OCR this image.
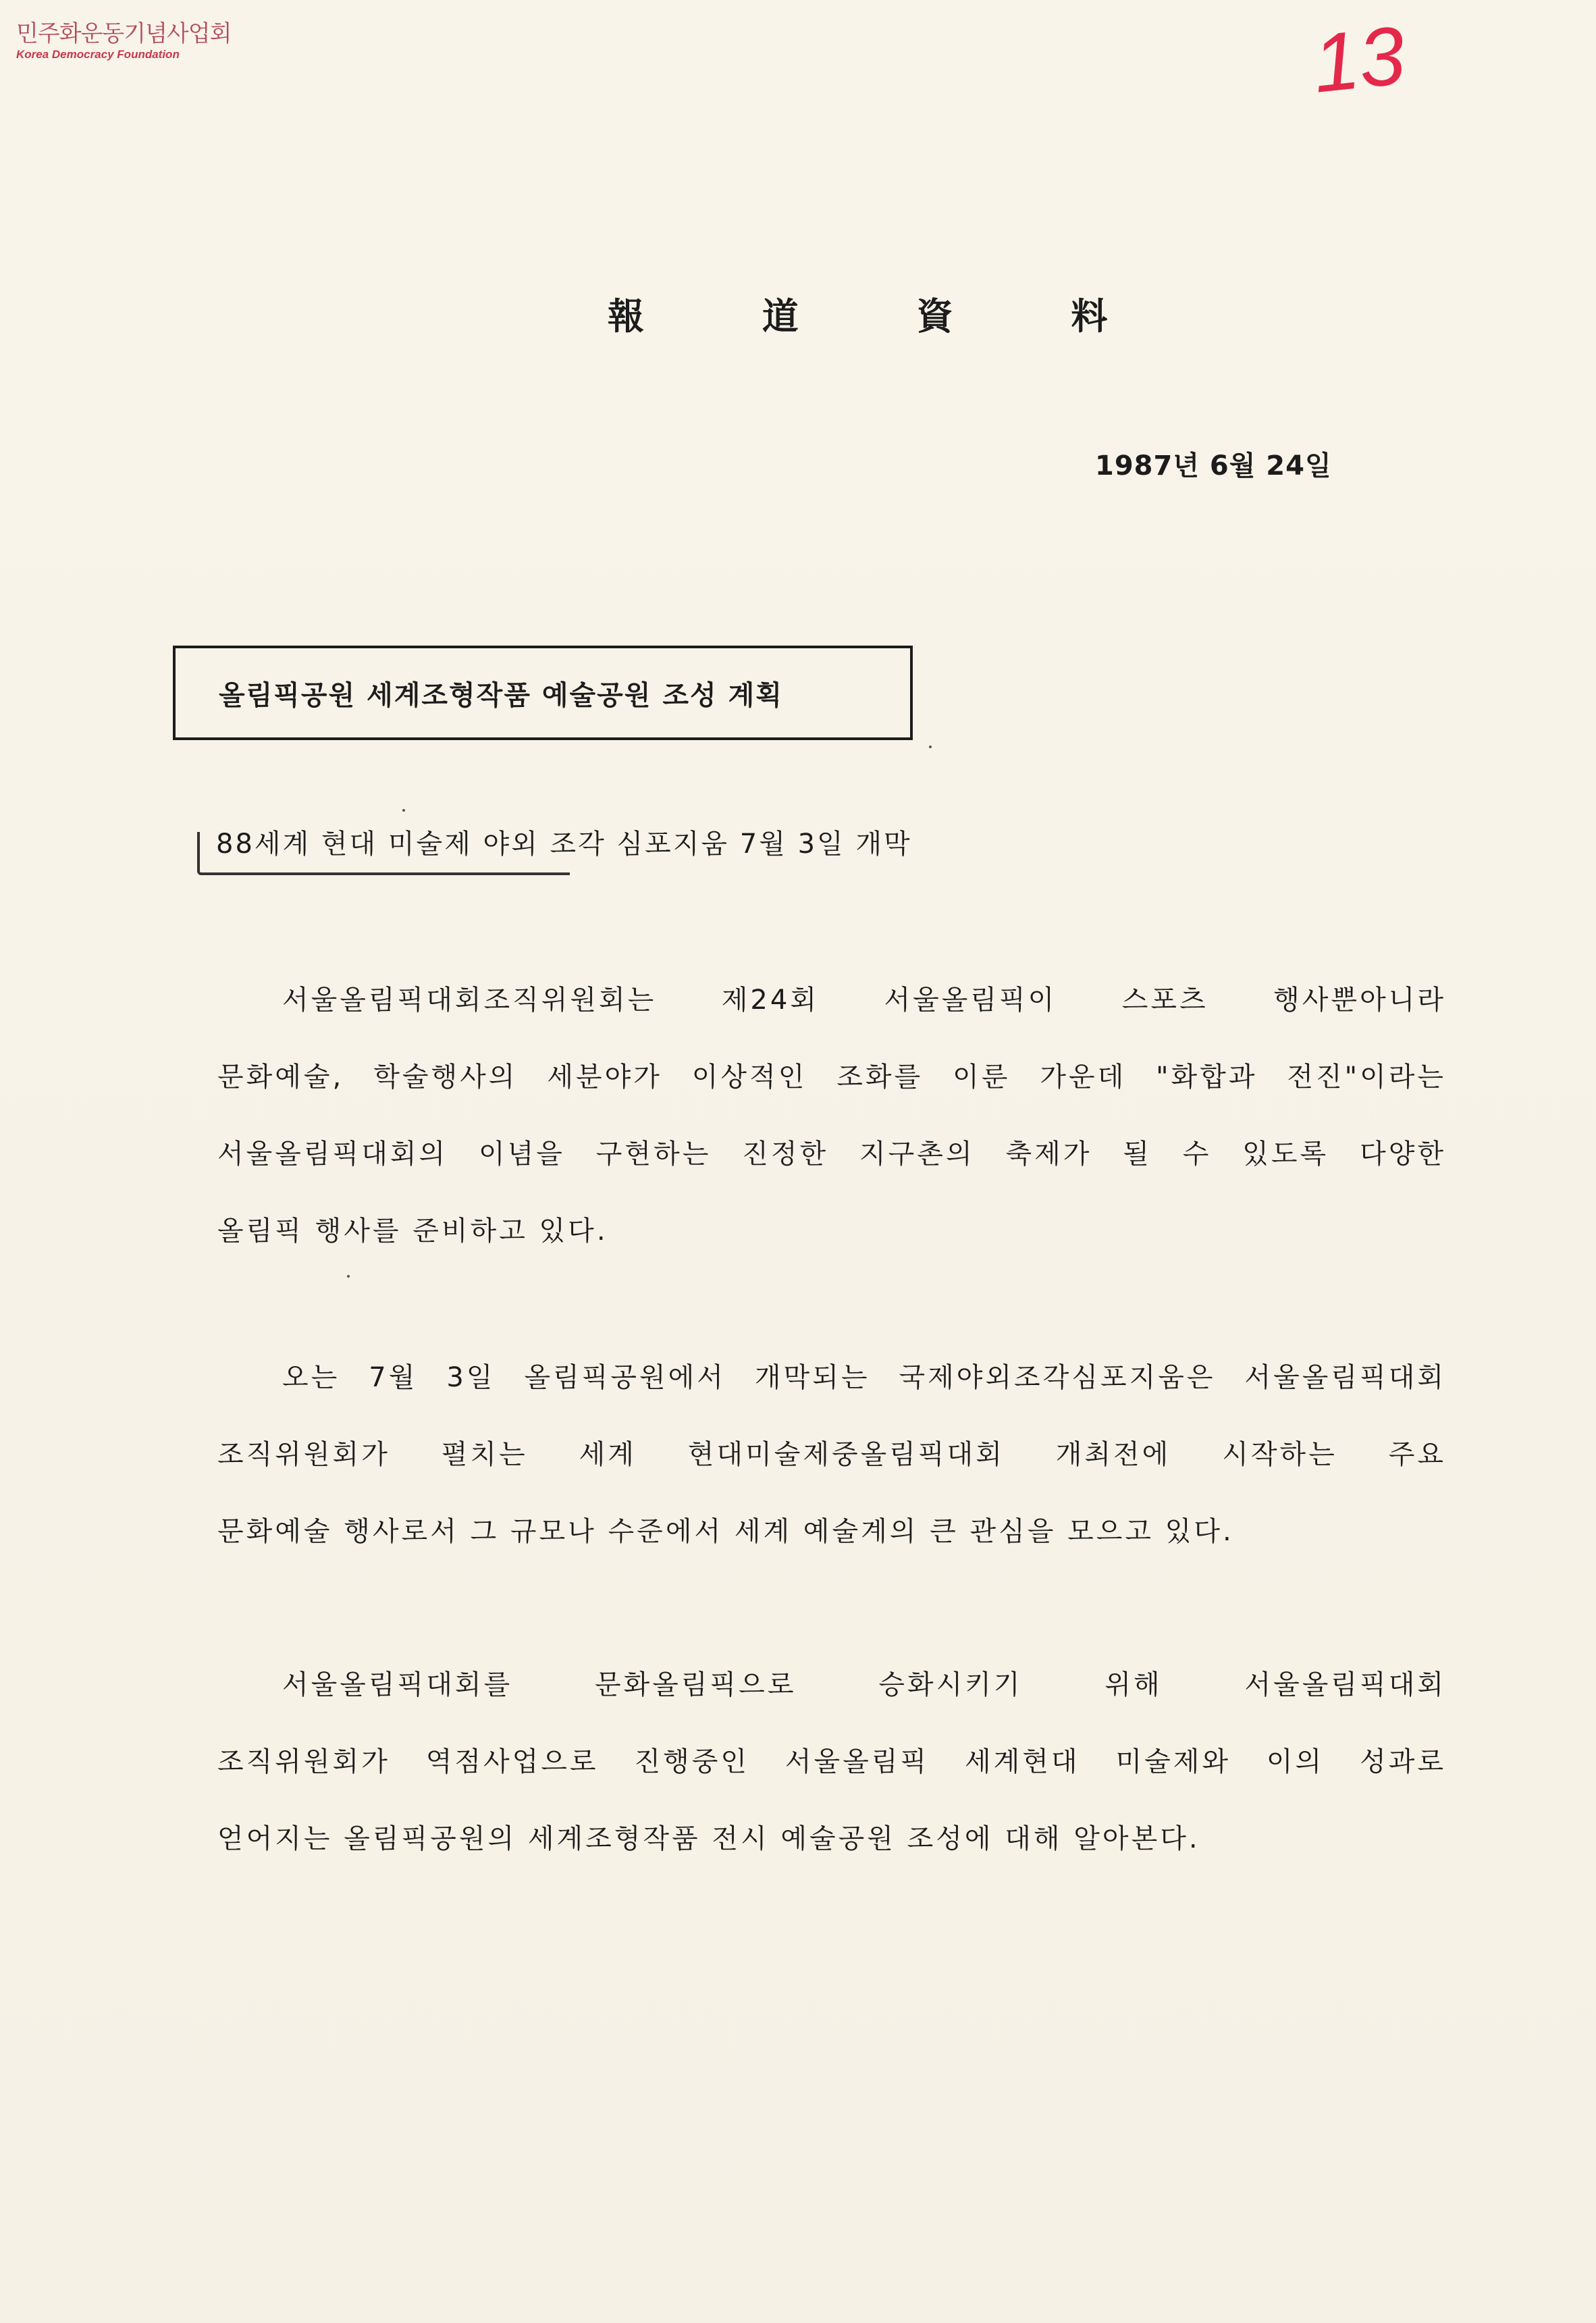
민주화운동기념사업회
Korea Democracy Foundation	13
報 道 資 料
1987년 6월 24일
올림픽공원 세계조형작품 예술공원 조성 계획
88세계 현대 미술제 야외 조각 심포지움 7월 3일 개막
서울올림픽대회조직위원회는 제24회 서울올림픽이 스포츠 행사뿐아니라
문화예술, 학술행사의 세분야가 이상적인 조화를 이룬 가운데 "화합과 전진"이라는
서울올림픽대회의 이념을 구현하는 진정한 지구촌의 축제가 될 수 있도록 다양한
올림픽 행사를 준비하고 있다.
오는 7월 3일 올림픽공원에서 개막되는 국제야외조각심포지움은 서울올림픽대회
조직위원회가 펼치는 세계 현대미술제중올림픽대회 개최전에 시작하는 주요
문화예술 행사로서 그 규모나 수준에서 세계 예술계의 큰 관심을 모으고 있다.
서울올림픽대회를 문화올림픽으로 승화시키기 위해 서울올림픽대회
조직위원회가 역점사업으로 진행중인 서울올림픽 세계현대 미술제와 이의 성과로
얻어지는 올림픽공원의 세계조형작품 전시 예술공원 조성에 대해 알아본다.
